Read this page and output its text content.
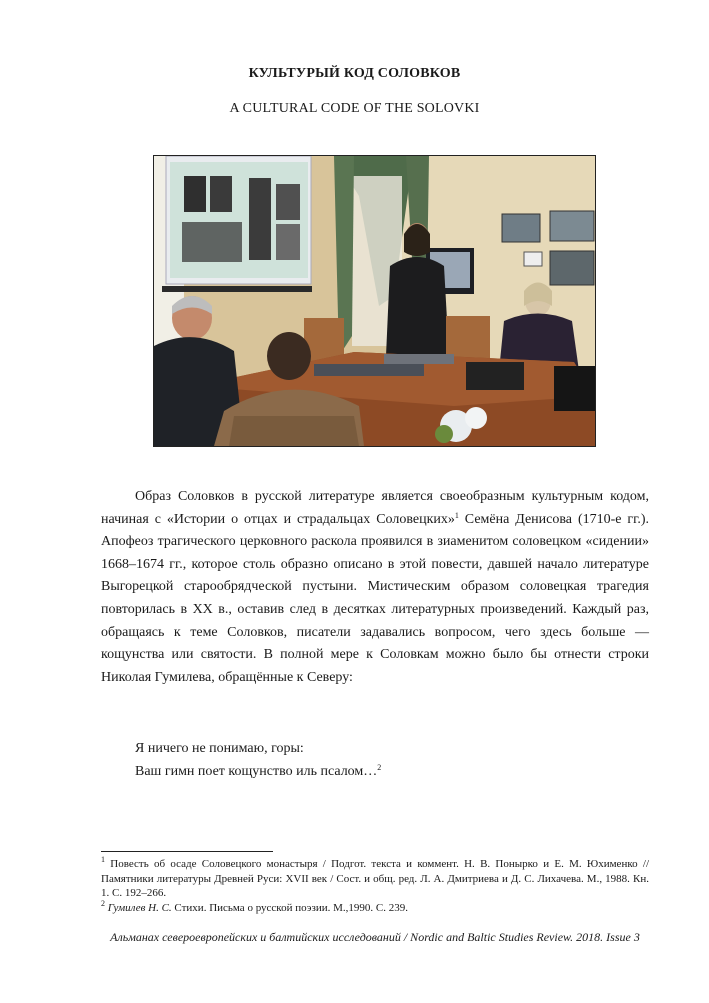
КУЛЬТУРЫЙ КОД СОЛОВКОВ
A CULTURAL CODE OF THE SOLOVKI

Образ Соловков в русской литературе является своеобразным культурным кодом, начиная с «Истории о отцах и страдальцах Соловецких»$^1$ Семёна Денисова (1710-е гг.). Апофеоз трагического церковного раскола проявился в зиаменитом соловецком «сидении» 1668–1674 гг., которое столь образно описано в этой повести, давшей начало литературе Выгорецкой старообрядческой пустыни. Мистическим образом соловецкая трагедия повторилась в XX в., оставив след в десятках литературных произведений. Каждый раз, обращаясь к теме Соловков, писатели задавались вопросом, чего здесь больше — кощунства или святости. В полной мере к Соловкам можно было бы отнести строки Николая Гумилева, обращённые к Северу:

Я ничего не понимаю, горы:
Ваш гимн поет кощунство иль псалом…$^2$

$^1$ Повесть об осаде Соловецкого монастыря / Подгот. текста и коммент. Н. В. Понырко и Е. М. Юхименко // Памятники литературы Древней Руси: XVII век / Сост. и общ. ред. Л. А. Дмитриева и Д. С. Лихачева. М., 1988. Кн. 1. С. 192–266.

$^2$ Гумилев Н. С. Стихи. Письма о русской поэзии. М.,1990. С. 239.

Альманах североевропейских и балтийских исследований / Nordic and Baltic Studies Review. 2018. Issue 3
